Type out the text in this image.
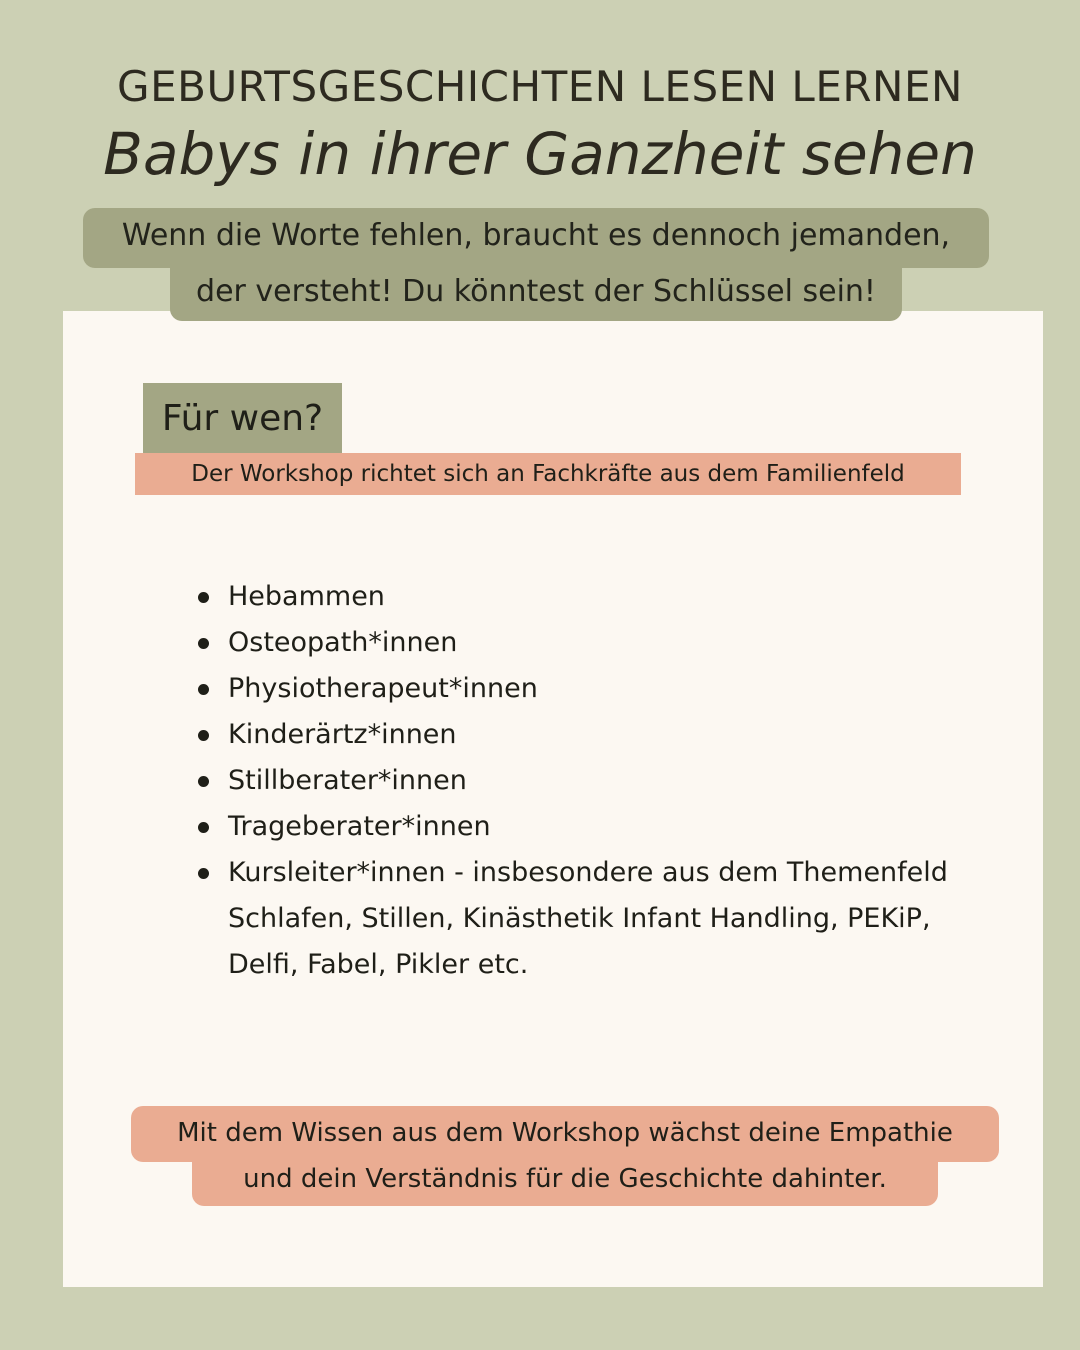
GEBURTSGESCHICHTEN LESEN LERNEN
Babys in ihrer Ganzheit sehen
Wenn die Worte fehlen, braucht es dennoch jemanden,
der versteht! Du könntest der Schlüssel sein!
Für wen?
Der Workshop richtet sich an Fachkräfte aus dem Familienfeld
Hebammen
Osteopath*innen
Physiotherapeut*innen
Kinderärtz*innen
Stillberater*innen
Trageberater*innen
Kursleiter*innen - insbesondere aus dem Themenfeld Schlafen, Stillen, Kinästhetik Infant Handling, PEKiP, Delfi, Fabel, Pikler etc.
Mit dem Wissen aus dem Workshop wächst deine Empathie
und dein Verständnis für die Geschichte dahinter.
